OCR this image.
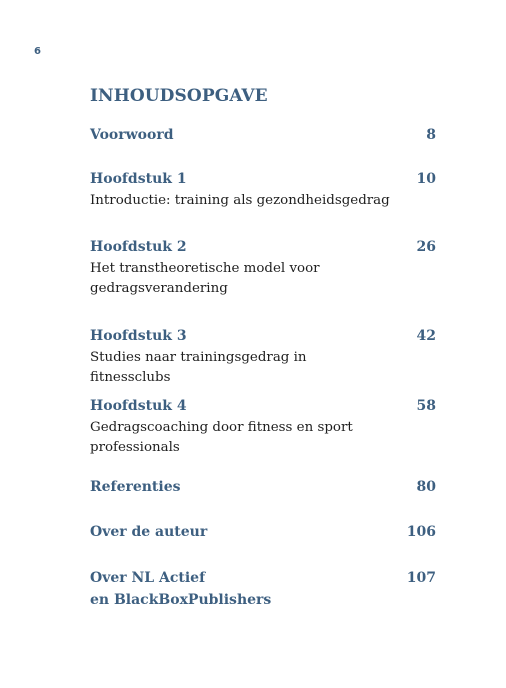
6
INHOUDSOPGAVE
Voorwoord	8
Hoofdstuk 1	10
Introductie: training als gezondheidsgedrag
Hoofdstuk 2	26
Het transtheoretische model voor
gedragsverandering
Hoofdstuk 3	42
Studies naar trainingsgedrag in fitnessclubs
Hoofdstuk 4	58
Gedragscoaching door fitness en sport
professionals
Referenties	80
Over de auteur	106
Over NL Actief	107
en BlackBoxPublishers
